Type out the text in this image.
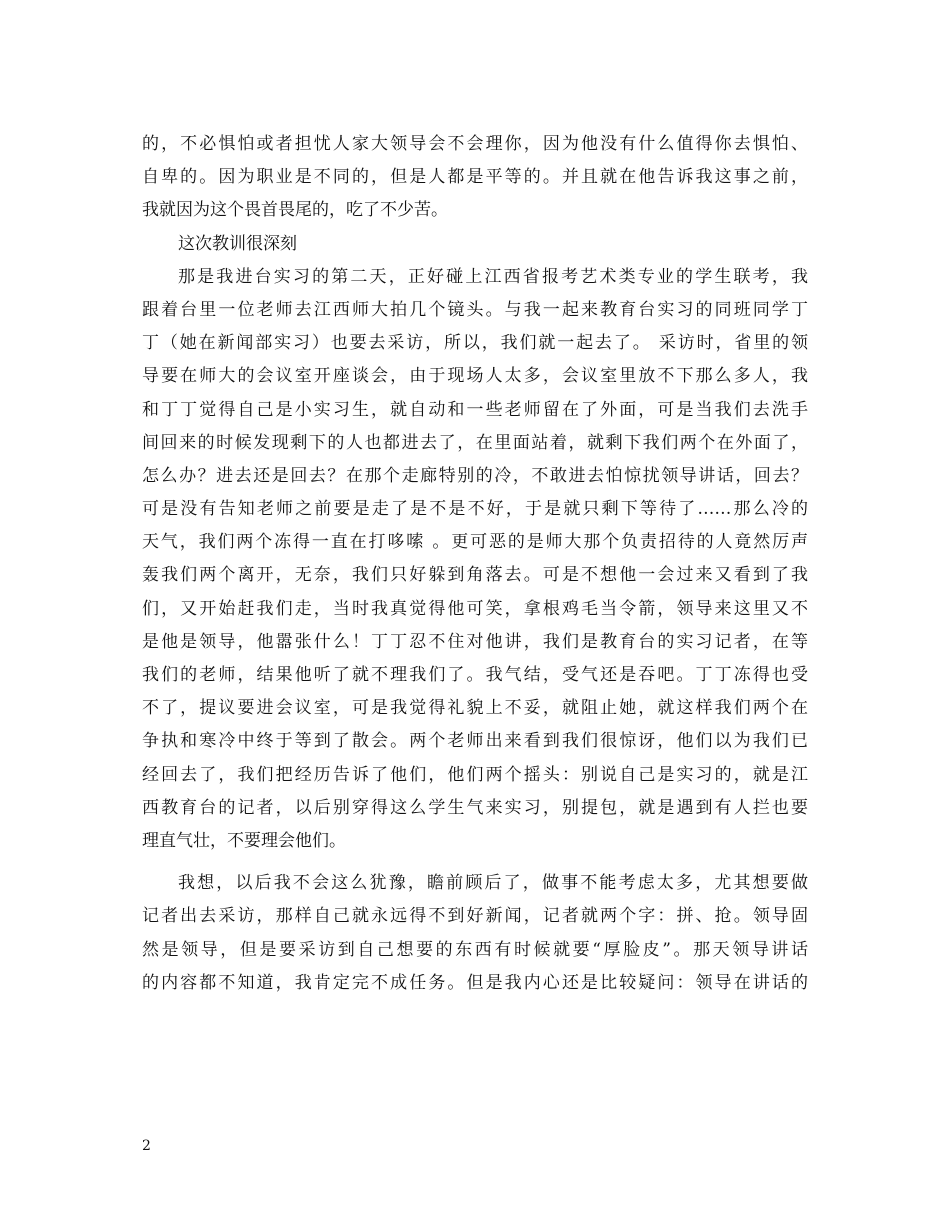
的，不必惧怕或者担忧人家大领导会不会理你，因为他没有什么值得你去惧怕、
自卑的。因为职业是不同的，但是人都是平等的。并且就在他告诉我这事之前，
我就因为这个畏首畏尾的，吃了不少苦。
这次教训很深刻
那是我进台实习的第二天，正好碰上江西省报考艺术类专业的学生联考，我
跟着台里一位老师去江西师大拍几个镜头。与我一起来教育台实习的同班同学丁
丁（她在新闻部实习）也要去采访，所以，我们就一起去了。 采访时，省里的领
导要在师大的会议室开座谈会，由于现场人太多，会议室里放不下那么多人，我
和丁丁觉得自己是小实习生，就自动和一些老师留在了外面，可是当我们去洗手
间回来的时候发现剩下的人也都进去了，在里面站着，就剩下我们两个在外面了，
怎么办？进去还是回去？在那个走廊特别的冷，不敢进去怕惊扰领导讲话，回去？
可是没有告知老师之前要是走了是不是不好，于是就只剩下等待了……那么冷的
天气，我们两个冻得一直在打哆嗦 。更可恶的是师大那个负责招待的人竟然厉声
轰我们两个离开，无奈，我们只好躲到角落去。可是不想他一会过来又看到了我
们，又开始赶我们走，当时我真觉得他可笑，拿根鸡毛当令箭，领导来这里又不
是他是领导，他嚣张什么！丁丁忍不住对他讲，我们是教育台的实习记者，在等
我们的老师，结果他听了就不理我们了。我气结，受气还是吞吧。丁丁冻得也受
不了，提议要进会议室，可是我觉得礼貌上不妥，就阻止她，就这样我们两个在
争执和寒冷中终于等到了散会。两个老师出来看到我们很惊讶，他们以为我们已
经回去了，我们把经历告诉了他们，他们两个摇头：别说自己是实习的，就是江
西教育台的记者，以后别穿得这么学生气来实习，别提包，就是遇到有人拦也要
理直气壮，不要理会他们。
我想，以后我不会这么犹豫，瞻前顾后了，做事不能考虑太多，尤其想要做
记者出去采访，那样自己就永远得不到好新闻，记者就两个字：拼、抢。领导固
然是领导，但是要采访到自己想要的东西有时候就要“厚脸皮”。那天领导讲话
的内容都不知道，我肯定完不成任务。但是我内心还是比较疑问：领导在讲话的
2
